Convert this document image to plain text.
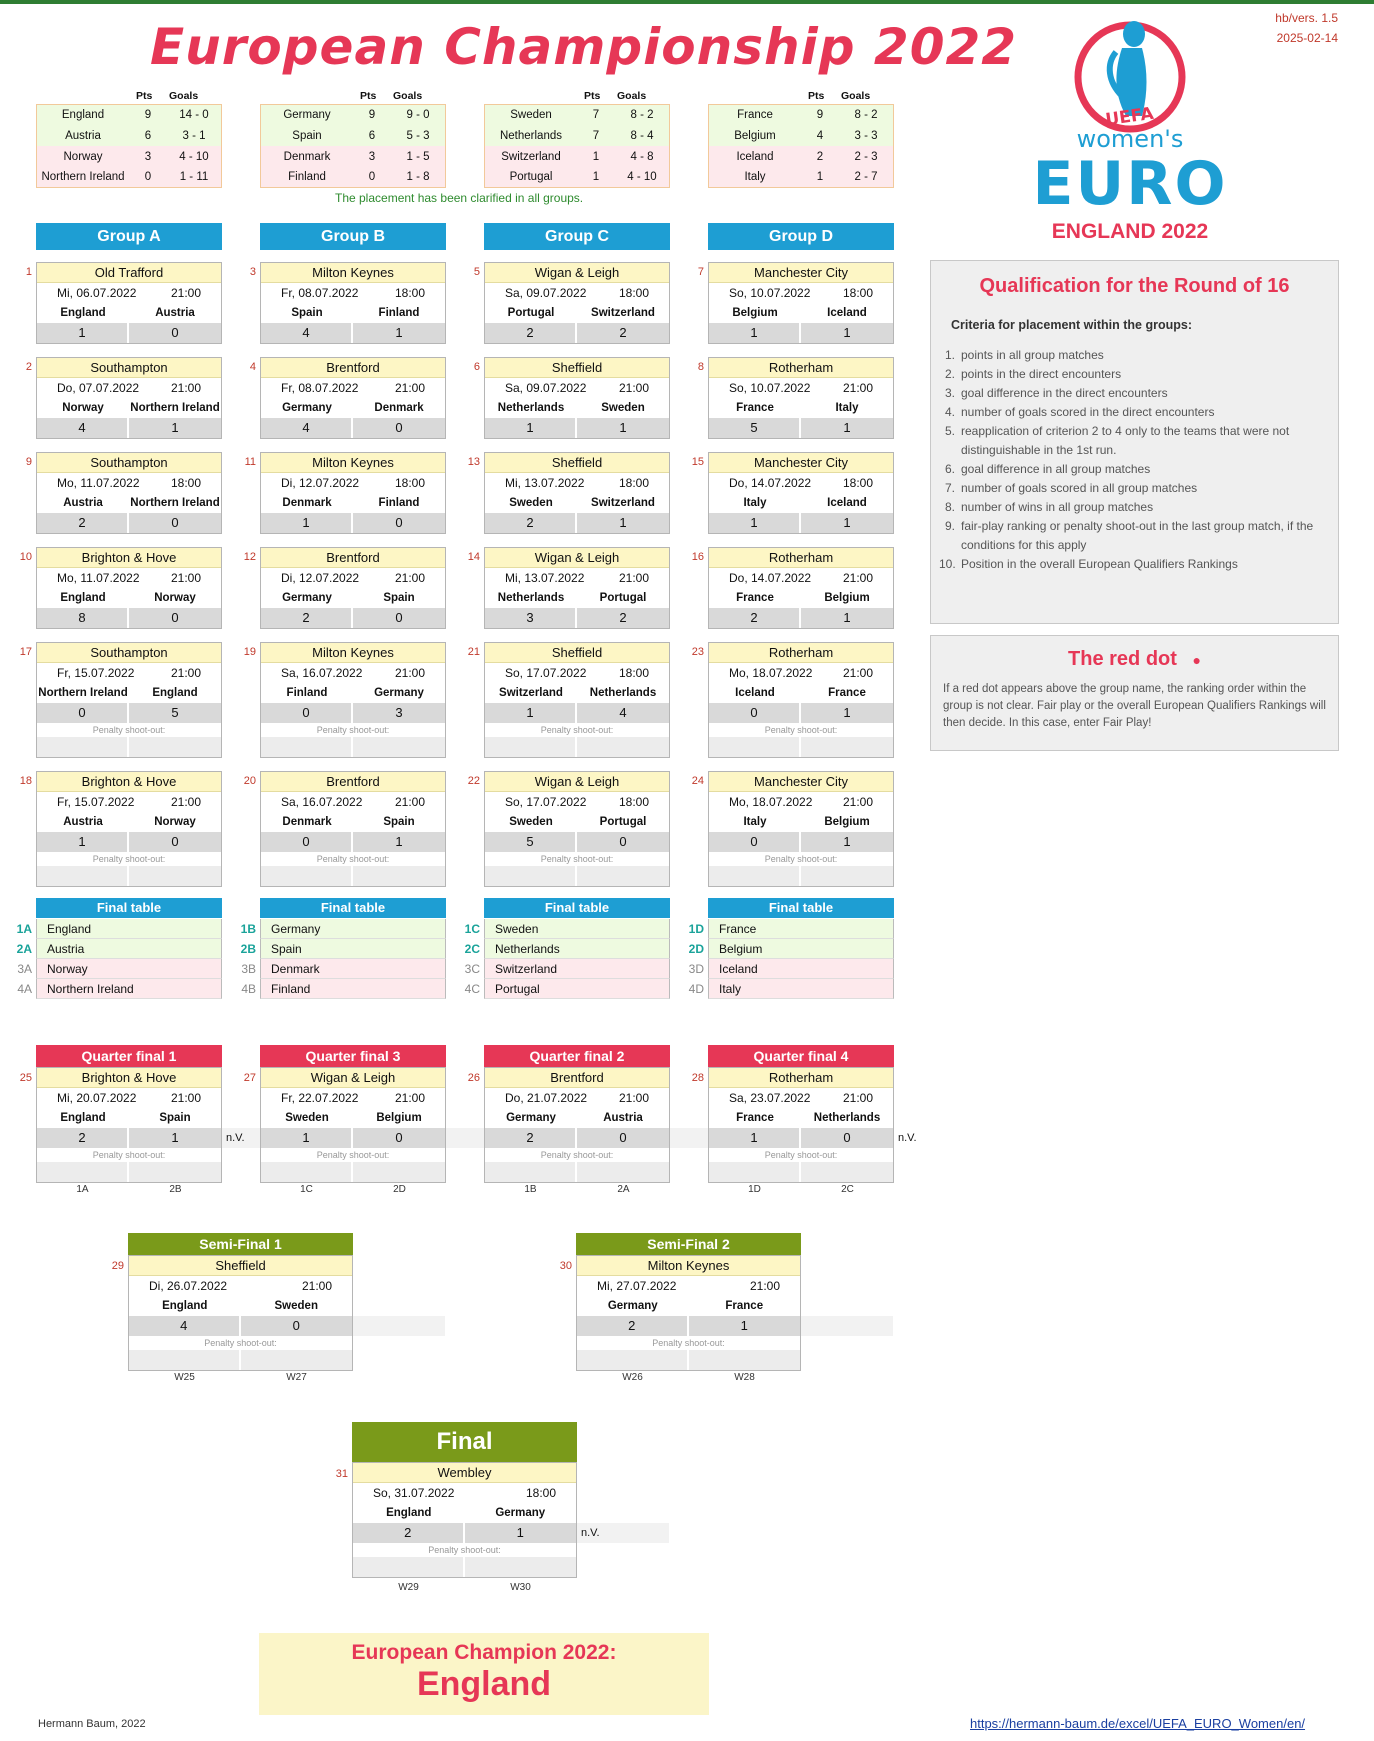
European Championship 2022	hb/vers. 1.5
2025-02-14
Pts Goals
England	9	14 - 0
Austria	6	3 - 1
Norway	3	4 - 10
Northern Ireland	0	1 - 11
Pts Goals
Germany	9	9 - 0
Spain	6	5 - 3
Denmark	3	1 - 5
Finland	0	1 - 8
Pts Goals
Sweden	7	8 - 2
Netherlands	7	8 - 4
Switzerland	1	4 - 8
Portugal	1	4 - 10
Pts Goals
France	9	8 - 2
Belgium	4	3 - 3
Iceland	2	2 - 3
Italy	1	2 - 7
The placement has been clarified in all groups.
Group A
1	Old Trafford
Mi, 06.07.2022	21:00
England	Austria
1	0
2	Southampton
Do, 07.07.2022	21:00
Norway	Northern Ireland
4	1
9	Southampton
Mo, 11.07.2022	18:00
Austria	Northern Ireland
2	0
10	Brighton & Hove
Mo, 11.07.2022	21:00
England	Norway
8	0
17	Southampton
Fr, 15.07.2022	21:00
Northern Ireland	England
0	5
Penalty shoot-out:
18	Brighton & Hove
Fr, 15.07.2022	21:00
Austria	Norway
1	0
Penalty shoot-out:
Final table
1A	England
2A	Austria
3A	Norway
4A	Northern Ireland
Group B
3	Milton Keynes
Fr, 08.07.2022	18:00
Spain	Finland
4	1
4	Brentford
Fr, 08.07.2022	21:00
Germany	Denmark
4	0
11	Milton Keynes
Di, 12.07.2022	18:00
Denmark	Finland
1	0
12	Brentford
Di, 12.07.2022	21:00
Germany	Spain
2	0
19	Milton Keynes
Sa, 16.07.2022	21:00
Finland	Germany
0	3
Penalty shoot-out:
20	Brentford
Sa, 16.07.2022	21:00
Denmark	Spain
0	1
Penalty shoot-out:
Final table
1B	Germany
2B	Spain
3B	Denmark
4B	Finland
Group C
5	Wigan & Leigh
Sa, 09.07.2022	18:00
Portugal	Switzerland
2	2
6	Sheffield
Sa, 09.07.2022	21:00
Netherlands	Sweden
1	1
13	Sheffield
Mi, 13.07.2022	18:00
Sweden	Switzerland
2	1
14	Wigan & Leigh
Mi, 13.07.2022	21:00
Netherlands	Portugal
3	2
21	Sheffield
So, 17.07.2022	18:00
Switzerland	Netherlands
1	4
Penalty shoot-out:
22	Wigan & Leigh
So, 17.07.2022	18:00
Sweden	Portugal
5	0
Penalty shoot-out:
Final table
1C	Sweden
2C	Netherlands
3C	Switzerland
4C	Portugal
Group D
7	Manchester City
So, 10.07.2022	18:00
Belgium	Iceland
1	1
8	Rotherham
So, 10.07.2022	21:00
France	Italy
5	1
15	Manchester City
Do, 14.07.2022	18:00
Italy	Iceland
1	1
16	Rotherham
Do, 14.07.2022	21:00
France	Belgium
2	1
23	Rotherham
Mo, 18.07.2022	21:00
Iceland	France
0	1
Penalty shoot-out:
24	Manchester City
Mo, 18.07.2022	21:00
Italy	Belgium
0	1
Penalty shoot-out:
Final table
1D	France
2D	Belgium
3D	Iceland
4D	Italy
Quarter final 1
25	Brighton & Hove
Mi, 20.07.2022	21:00
England	Spain
2	1
Penalty shoot-out:
n.V.
1A	2B
Quarter final 3
27	Wigan & Leigh
Fr, 22.07.2022	21:00
Sweden	Belgium
1	0
Penalty shoot-out:
1C	2D
Quarter final 2
26	Brentford
Do, 21.07.2022	21:00
Germany	Austria
2	0
Penalty shoot-out:
1B	2A
Quarter final 4
28	Rotherham
Sa, 23.07.2022	21:00
France	Netherlands
1	0
Penalty shoot-out:
n.V.
1D	2C
Semi-Final 1
29	Sheffield
Di, 26.07.2022	21:00
England	Sweden
4	0
Penalty shoot-out:
W25	W27
Semi-Final 2
30	Milton Keynes
Mi, 27.07.2022	21:00
Germany	France
2	1
Penalty shoot-out:
W26	W28
Final
31	Wembley
So, 31.07.2022	18:00
England	Germany
2	1
Penalty shoot-out:
n.V.
W29	W30
UEFA
women's
EURO
ENGLAND 2022
Qualification for the Round of 16
Criteria for placement within the groups:
1. points in all group matches
2. points in the direct encounters
3. goal difference in the direct encounters
4. number of goals scored in the direct encounters
5. reapplication of criterion 2 to 4 only to the teams that were not distinguishable in the 1st run.
6. goal difference in all group matches
7. number of goals scored in all group matches
8. number of wins in all group matches
9. fair-play ranking or penalty shoot-out in the last group match, if the conditions for this apply
10. Position in the overall European Qualifiers Rankings
The red dot ●
If a red dot appears above the group name, the ranking order within the group is not clear. Fair play or the overall European Qualifiers Rankings will then decide. In this case, enter Fair Play!
European Champion 2022:
England
Hermann Baum, 2022	https://hermann-baum.de/excel/UEFA_EURO_Women/en/
